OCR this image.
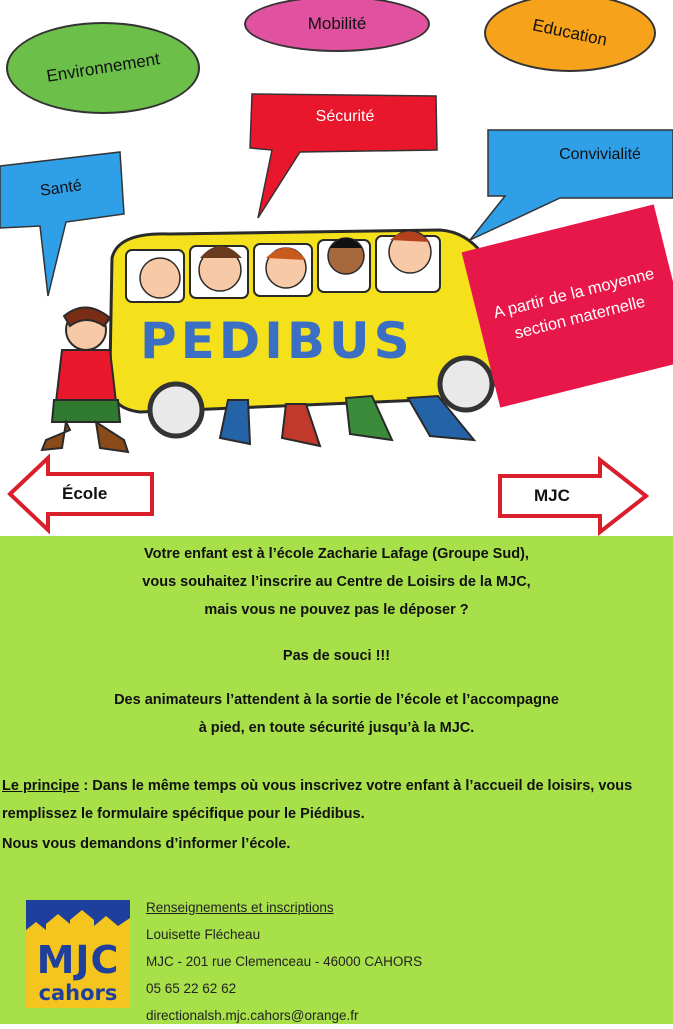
Mobilité	Education
Environnement
Sécurité
Santé
Convivialité
PEDIBUS
A partir de la moyenne section maternelle
École	MJC
Votre enfant est à l’école Zacharie Lafage (Groupe Sud),
vous souhaitez l’inscrire au Centre de Loisirs de la MJC,
mais vous ne pouvez pas le déposer ?
Pas de souci !!!
Des animateurs l’attendent à la sortie de l’école et l’accompagne
à pied, en toute sécurité jusqu’à la MJC.
Le principe : Dans le même temps où vous inscrivez votre enfant à l’accueil de loisirs, vous remplissez le formulaire spécifique pour le Piédibus.
Nous vous demandons d’informer l’école.
MJC
cahors
Renseignements et inscriptions
Louisette Flécheau
MJC - 201 rue Clemenceau - 46000 CAHORS
05 65 22 62 62
directionalsh.mjc.cahors@orange.fr
